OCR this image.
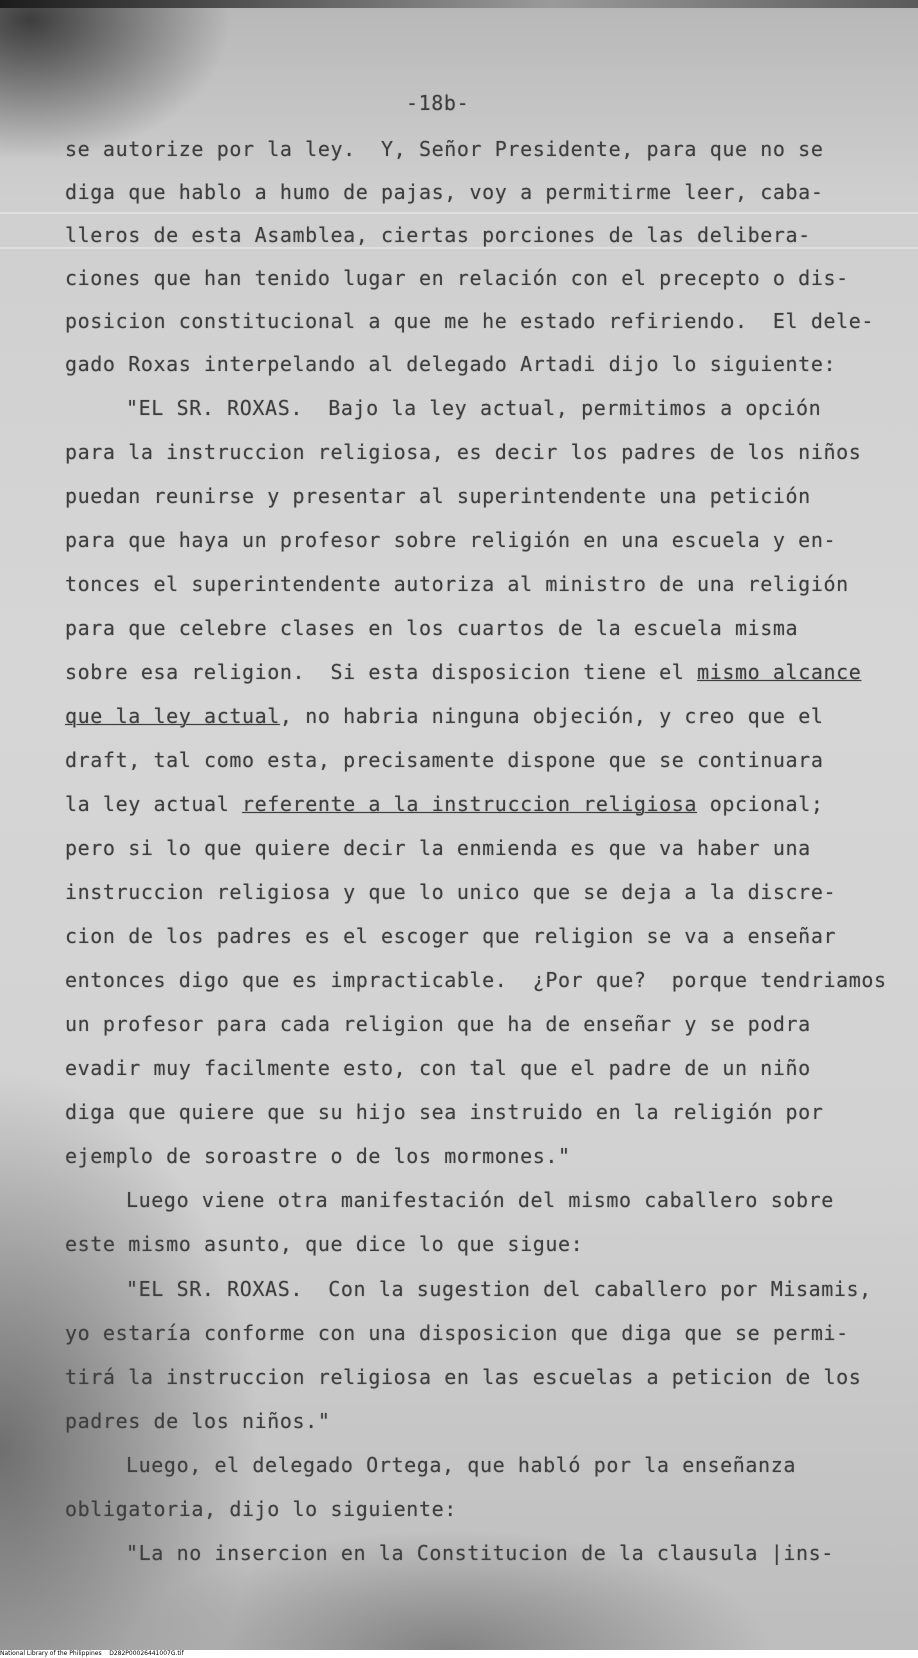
-18b-
se autorize por la ley.  Y, Señor Presidente, para que no se
diga que hablo a humo de pajas, voy a permitirme leer, caba-
lleros de esta Asamblea, ciertas porciones de las delibera-
ciones que han tenido lugar en relación con el precepto o dis-
posicion constitucional a que me he estado refiriendo.  El dele-
gado Roxas interpelando al delegado Artadi dijo lo siguiente:
"EL SR. ROXAS.  Bajo la ley actual, permitimos a opción
para la instruccion religiosa, es decir los padres de los niños
puedan reunirse y presentar al superintendente una petición
para que haya un profesor sobre religión en una escuela y en-
tonces el superintendente autoriza al ministro de una religión
para que celebre clases en los cuartos de la escuela misma
sobre esa religion.  Si esta disposicion tiene el mismo alcance
que la ley actual, no habria ninguna objeción, y creo que el
draft, tal como esta, precisamente dispone que se continuara
la ley actual referente a la instruccion religiosa opcional;
pero si lo que quiere decir la enmienda es que va haber una
instruccion religiosa y que lo unico que se deja a la discre-
cion de los padres es el escoger que religion se va a enseñar
entonces digo que es impracticable.  ¿Por que?  porque tendriamos
un profesor para cada religion que ha de enseñar y se podra
evadir muy facilmente esto, con tal que el padre de un niño
diga que quiere que su hijo sea instruido en la religión por
ejemplo de soroastre o de los mormones."
Luego viene otra manifestación del mismo caballero sobre
este mismo asunto, que dice lo que sigue:
"EL SR. ROXAS.  Con la sugestion del caballero por Misamis,
yo estaría conforme con una disposicion que diga que se permi-
tirá la instruccion religiosa en las escuelas a peticion de los
padres de los niños."
Luego, el delegado Ortega, que habló por la enseñanza
obligatoria, dijo lo siguiente:
"La no insercion en la Constitucion de la clausula |ins-
National Library of the Philippines    D282P00026441007G.tif
